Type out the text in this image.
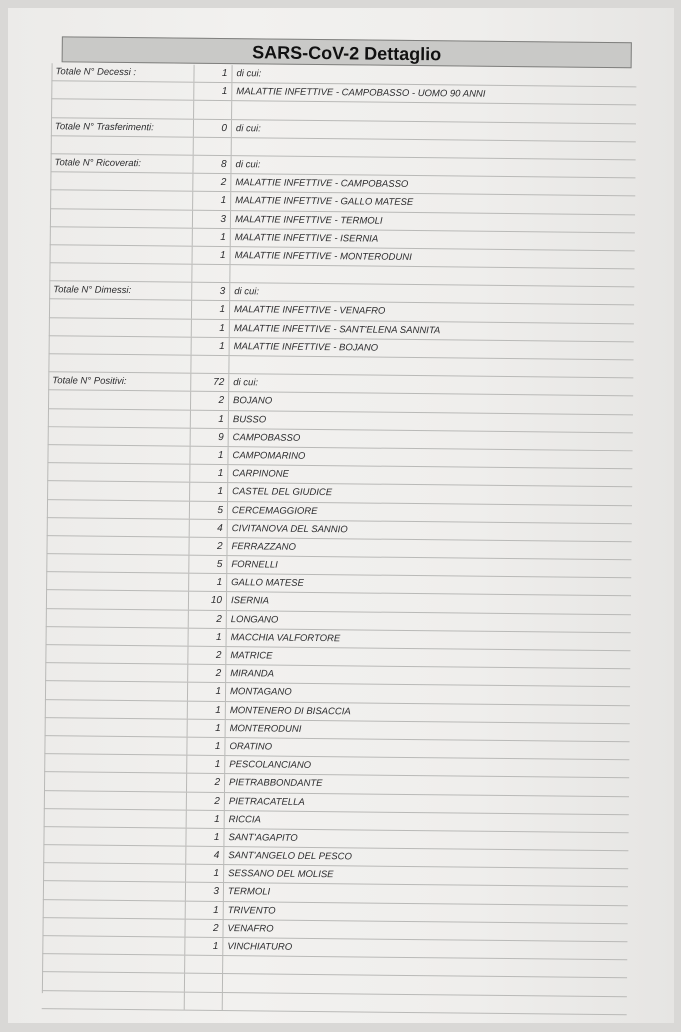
SARS-CoV-2 Dettaglio
Totale N° Decessi :	1 di cui:
1 MALATTIE INFETTIVE - CAMPOBASSO - UOMO 90 ANNI
Totale N° Trasferimenti:	0 di cui:
Totale N° Ricoverati:	8 di cui:
2 MALATTIE INFETTIVE - CAMPOBASSO
1 MALATTIE INFETTIVE - GALLO MATESE
3 MALATTIE INFETTIVE - TERMOLI
1 MALATTIE INFETTIVE - ISERNIA
1 MALATTIE INFETTIVE - MONTERODUNI
Totale N° Dimessi:	3 di cui:
1 MALATTIE INFETTIVE - VENAFRO
1 MALATTIE INFETTIVE - SANT'ELENA SANNITA
1 MALATTIE INFETTIVE - BOJANO
Totale N° Positivi:	72 di cui:
2 BOJANO
1 BUSSO
9 CAMPOBASSO
1 CAMPOMARINO
1 CARPINONE
1 CASTEL DEL GIUDICE
5 CERCEMAGGIORE
4 CIVITANOVA DEL SANNIO
2 FERRAZZANO
5 FORNELLI
1 GALLO MATESE
10 ISERNIA
2 LONGANO
1 MACCHIA VALFORTORE
2 MATRICE
2 MIRANDA
1 MONTAGANO
1 MONTENERO DI BISACCIA
1 MONTERODUNI
1 ORATINO
1 PESCOLANCIANO
2 PIETRABBONDANTE
2 PIETRACATELLA
1 RICCIA
1 SANT'AGAPITO
4 SANT'ANGELO DEL PESCO
1 SESSANO DEL MOLISE
3 TERMOLI
1 TRIVENTO
2 VENAFRO
1 VINCHIATURO
